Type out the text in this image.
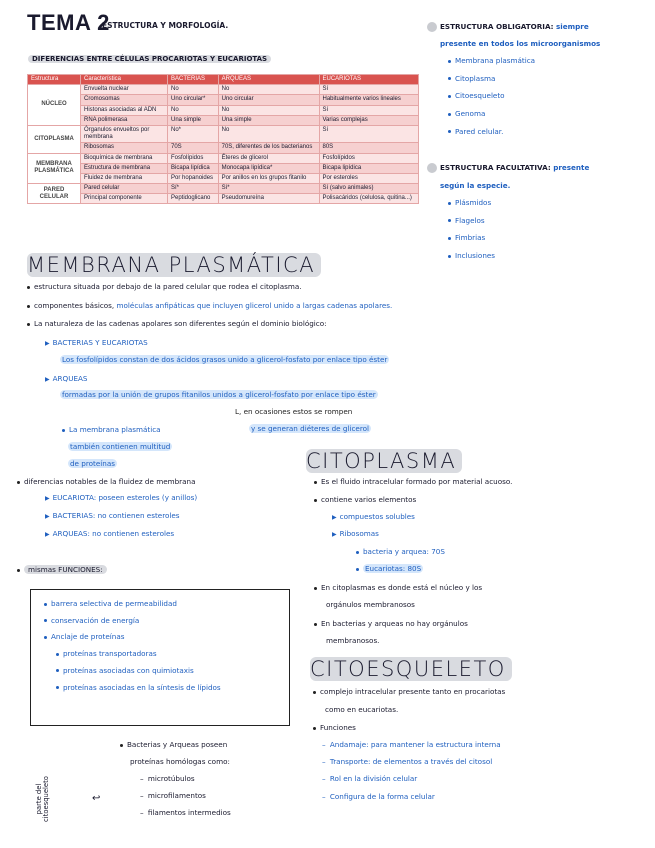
TEMA 2
ESTRUCTURA Y MORFOLOGÍA.
DIFERENCIAS ENTRE CÉLULAS PROCARIOTAS Y EUCARIOTAS
Estructura	Característica	BACTERIAS	ARQUEAS	EUCARIOTAS
NÚCLEO	Envuelta nuclear	No	No	Sí
	Cromosomas	Uno circular*	Uno circular	Habitualmente varios lineales
	Histonas asociadas al ADN	No	No	Sí
	RNA polimerasa	Una simple	Una simple	Varias complejas
CITOPLASMA	Órganulos envueltos por membrana	No*	No	Sí
	Ribosomas	70S	70S, diferentes de los bacterianos	80S
MEMBRANA PLASMÁTICA	Bioquímica de membrana	Fosfolípidos	Éteres de glicerol	Fosfolípidos
	Estructura de membrana	Bicapa lipídica	Monocapa lipídica*	Bicapa lipídica
	Fluidez de membrana	Por hopanoides	Por anillos en los grupos fitanilo	Por esteroles
PARED CELULAR	Pared celular	Sí*	Sí*	Sí (salvo animales)
	Principal componente	Peptidoglicano	Pseudomureína	Polisacáridos (celulosa, quitina...)
ESTRUCTURA OBLIGATORIA: siempre
presente en todos los microorganismos
Membrana plasmática
Citoplasma
Citoesqueleto
Genoma
Pared celular.
ESTRUCTURA FACULTATIVA: presente
según la especie.
Plásmidos
Flagelos
Fimbrias
Inclusiones
MEMBRANA PLASMÁTICA
estructura situada por debajo de la pared celular que rodea el citoplasma.
componentes básicos, moléculas anfipáticas que incluyen glicerol unido a largas cadenas apolares.
La naturaleza de las cadenas apolares son diferentes según el dominio biológico:
▶ BACTERIAS Y EUCARIOTAS
Los fosfolípidos constan de dos ácidos grasos unido a glicerol-fosfato por enlace tipo éster
▶ ARQUEAS
formadas por la unión de grupos fitanilos unidos a glicerol-fosfato por enlace tipo éster
L, en ocasiones estos se rompen
y se generan diéteres de glicerol
La membrana plasmática
también contienen multitud
de proteínas
diferencias notables de la fluidez de membrana
▶ EUCARIOTA: poseen esteroles (y anillos)
▶ BACTERIAS: no contienen esteroles
▶ ARQUEAS: no contienen esteroles
mismas FUNCIONES:
barrera selectiva de permeabilidad
conservación de energía
Anclaje de proteínas
proteínas transportadoras
proteínas asociadas con quimiotaxis
proteínas asociadas en la síntesis de lípidos
CITOPLASMA
Es el fluido intracelular formado por material acuoso.
contiene varios elementos
▶ compuestos solubles
▶ Ribosomas
bacteria y arquea: 70S
Eucariotas: 80S
En citoplasmas es donde está el núcleo y los
orgánulos membranosos
En bacterias y arqueas no hay orgánulos
membranosos.
CITOESQUELETO
complejo intracelular presente tanto en procariotas
como en eucariotas.
Funciones
– Andamaje: para mantener la estructura interna
– Transporte: de elementos a través del citosol
– Rol en la división celular
– Configura de la forma celular
Bacterias y Arqueas poseen
proteínas homólogas como:
– microtúbulos
– microfilamentos
– filamentos intermedios
↩
parte del citoesqueleto
